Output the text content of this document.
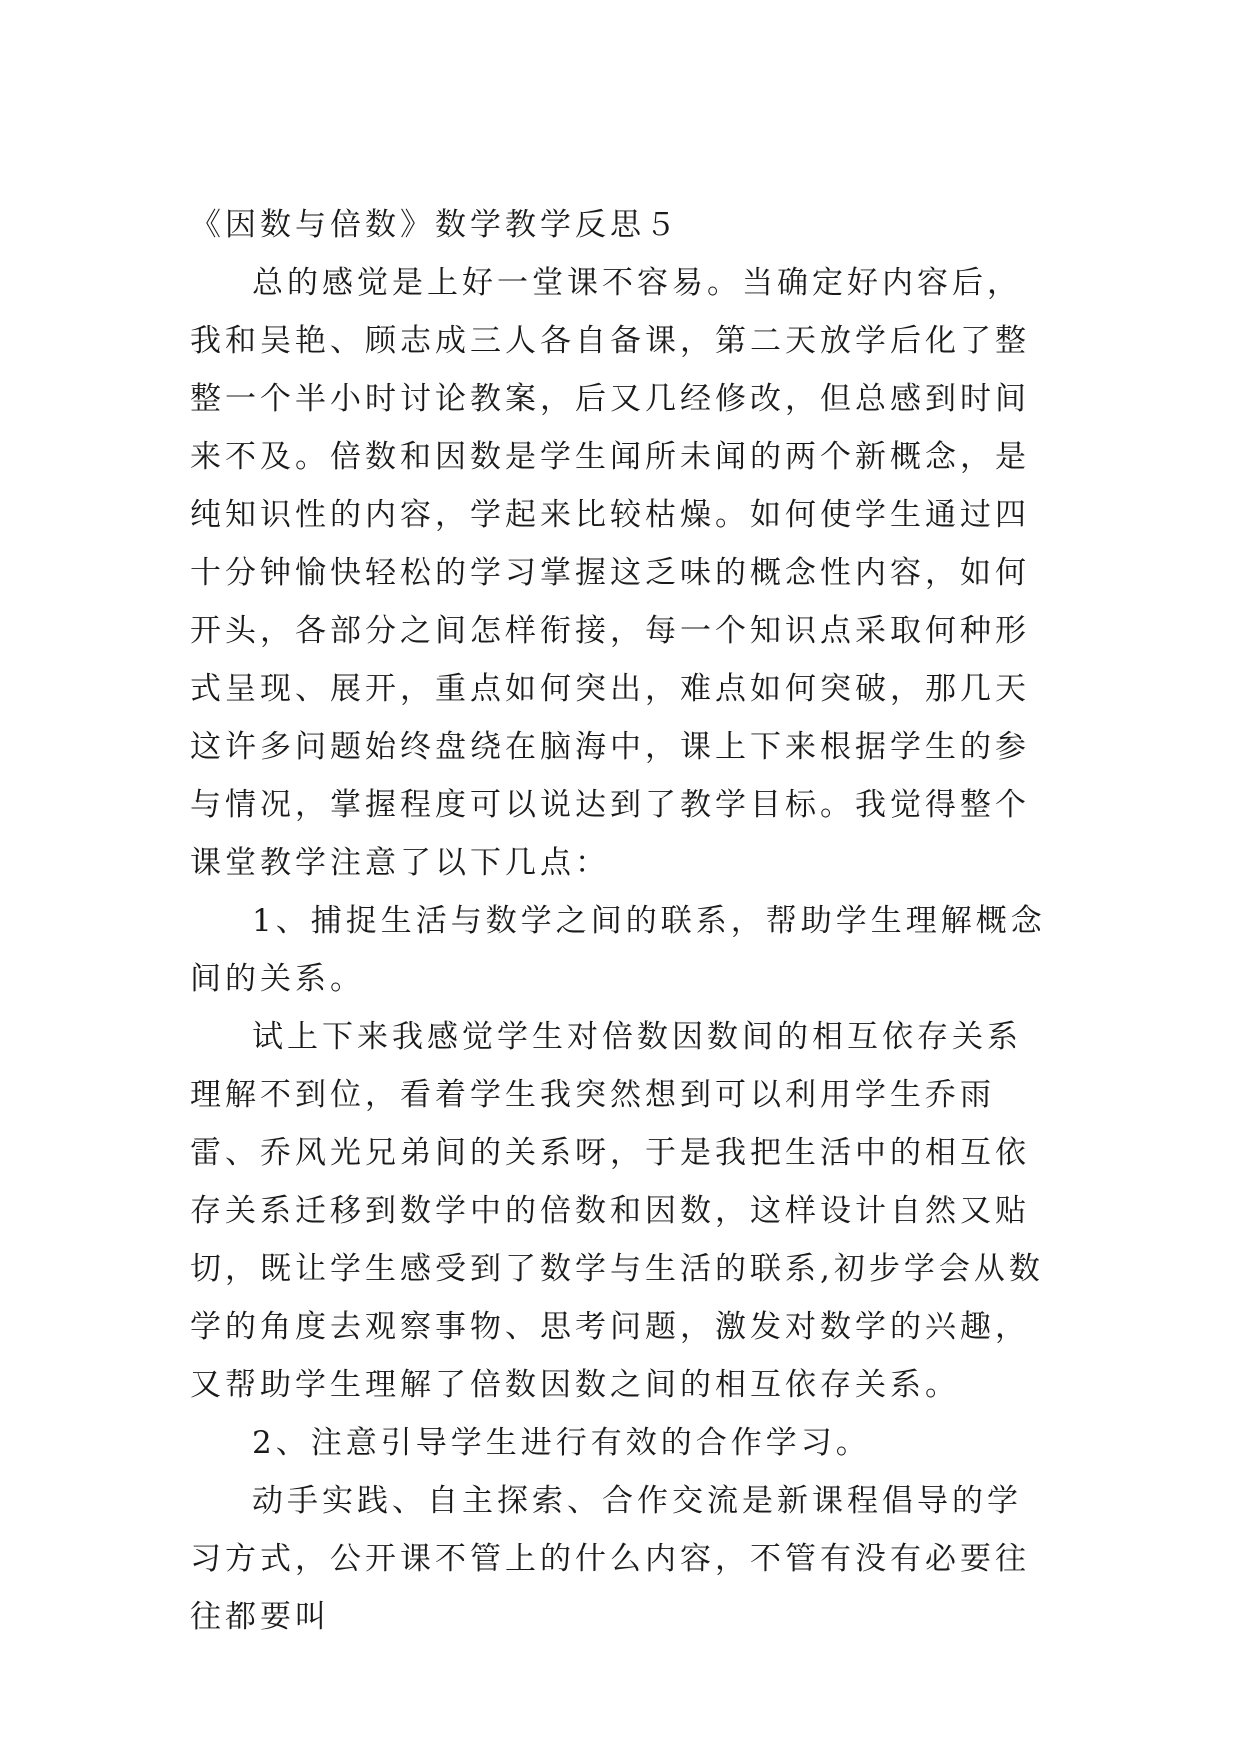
《因数与倍数》数学教学反思５

总的感觉是上好一堂课不容易。当确定好内容后，我和吴艳、顾志成三人各自备课，第二天放学后化了整整一个半小时讨论教案，后又几经修改，但总感到时间来不及。倍数和因数是学生闻所未闻的两个新概念，是纯知识性的内容，学起来比较枯燥。如何使学生通过四十分钟愉快轻松的学习掌握这乏味的概念性内容，如何开头，各部分之间怎样衔接，每一个知识点采取何种形式呈现、展开，重点如何突出，难点如何突破，那几天这许多问题始终盘绕在脑海中，课上下来根据学生的参与情况，掌握程度可以说达到了教学目标。我觉得整个课堂教学注意了以下几点：

1、捕捉生活与数学之间的联系，帮助学生理解概念间的关系。

试上下来我感觉学生对倍数因数间的相互依存关系理解不到位，看着学生我突然想到可以利用学生乔雨雷、乔风光兄弟间的关系呀，于是我把生活中的相互依存关系迁移到数学中的倍数和因数，这样设计自然又贴切，既让学生感受到了数学与生活的联系,初步学会从数学的角度去观察事物、思考问题，激发对数学的兴趣，又帮助学生理解了倍数因数之间的相互依存关系。

2、注意引导学生进行有效的合作学习。

动手实践、自主探索、合作交流是新课程倡导的学习方式，公开课不管上的什么内容，不管有没有必要往往都要叫
